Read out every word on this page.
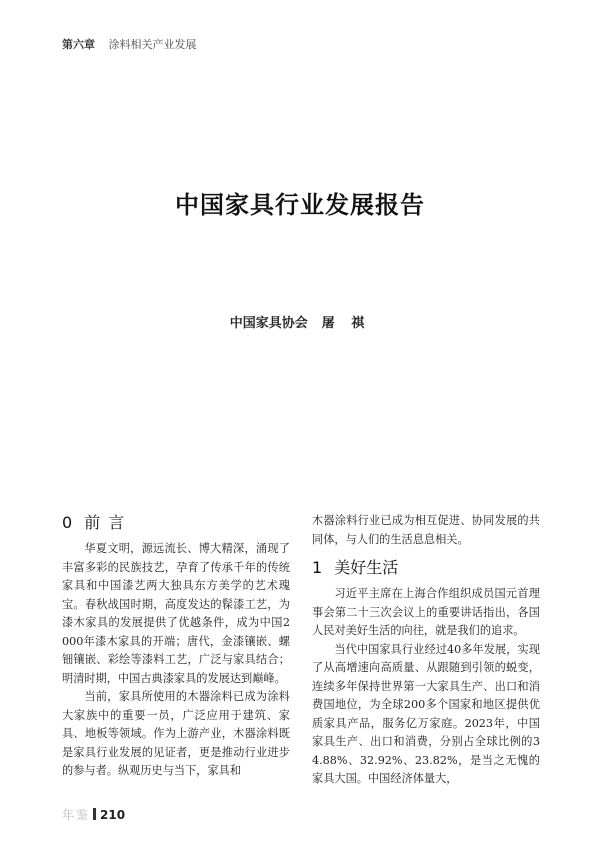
第六章 涂料相关产业发展
中国家具行业发展报告
中国家具协会 屠 祺
0 前言

华夏文明，源远流长、博大精深，涌现了丰富多彩的民族技艺，孕育了传承千年的传统家具和中国漆艺两大独具东方美学的艺术瑰宝。春秋战国时期，高度发达的髹漆工艺，为漆木家具的发展提供了优越条件，成为中国2 000年漆木家具的开端；唐代，金漆镶嵌、螺钿镶嵌、彩绘等漆料工艺，广泛与家具结合；明清时期，中国古典漆家具的发展达到巅峰。

当前，家具所使用的木器涂料已成为涂料大家族中的重要一员，广泛应用于建筑、家具、地板等领域。作为上游产业，木器涂料既是家具行业发展的见证者，更是推动行业进步的参与者。纵观历史与当下，家具和

木器涂料行业已成为相互促进、协同发展的共同体，与人们的生活息息相关。

1 美好生活

习近平主席在上海合作组织成员国元首理事会第二十三次会议上的重要讲话指出，各国人民对美好生活的向往，就是我们的追求。

当代中国家具行业经过40多年发展，实现了从高增速向高质量、从跟随到引领的蜕变，连续多年保持世界第一大家具生产、出口和消费国地位，为全球200多个国家和地区提供优质家具产品，服务亿万家庭。2023年，中国家具生产、出口和消费，分别占全球比例的34.88%、32.92%、23.82%，是当之无愧的家具大国。中国经济体量大，

年鉴 210
